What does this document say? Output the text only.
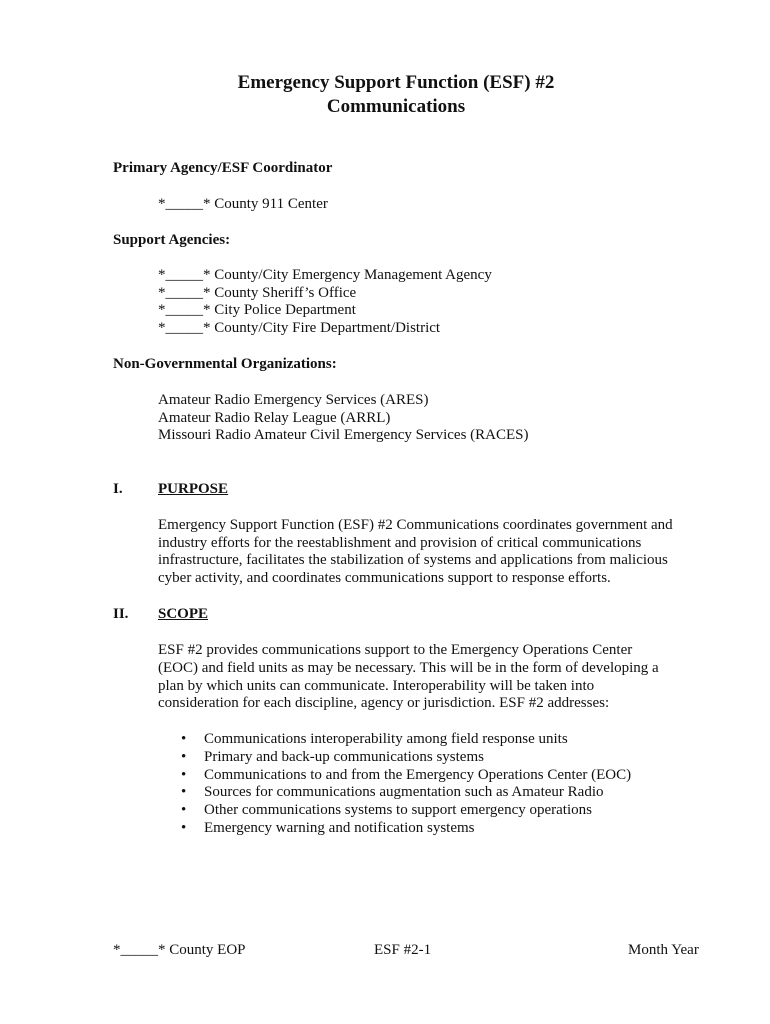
Emergency Support Function (ESF) #2
Communications
Primary Agency/ESF Coordinator
*_____* County 911 Center
Support Agencies:
*_____* County/City Emergency Management Agency
*_____* County Sheriff’s Office
*_____* City Police Department
*_____* County/City Fire Department/District
Non-Governmental Organizations:
Amateur Radio Emergency Services (ARES)
Amateur Radio Relay League (ARRL)
Missouri Radio Amateur Civil Emergency Services (RACES)
I. PURPOSE
Emergency Support Function (ESF) #2 Communications coordinates government and
industry efforts for the reestablishment and provision of critical communications
infrastructure, facilitates the stabilization of systems and applications from malicious
cyber activity, and coordinates communications support to response efforts.
II. SCOPE
ESF #2 provides communications support to the Emergency Operations Center
(EOC) and field units as may be necessary. This will be in the form of developing a
plan by which units can communicate. Interoperability will be taken into
consideration for each discipline, agency or jurisdiction. ESF #2 addresses:
• Communications interoperability among field response units
• Primary and back-up communications systems
• Communications to and from the Emergency Operations Center (EOC)
• Sources for communications augmentation such as Amateur Radio
• Other communications systems to support emergency operations
• Emergency warning and notification systems
*_____* County EOP	ESF #2-1	Month Year
